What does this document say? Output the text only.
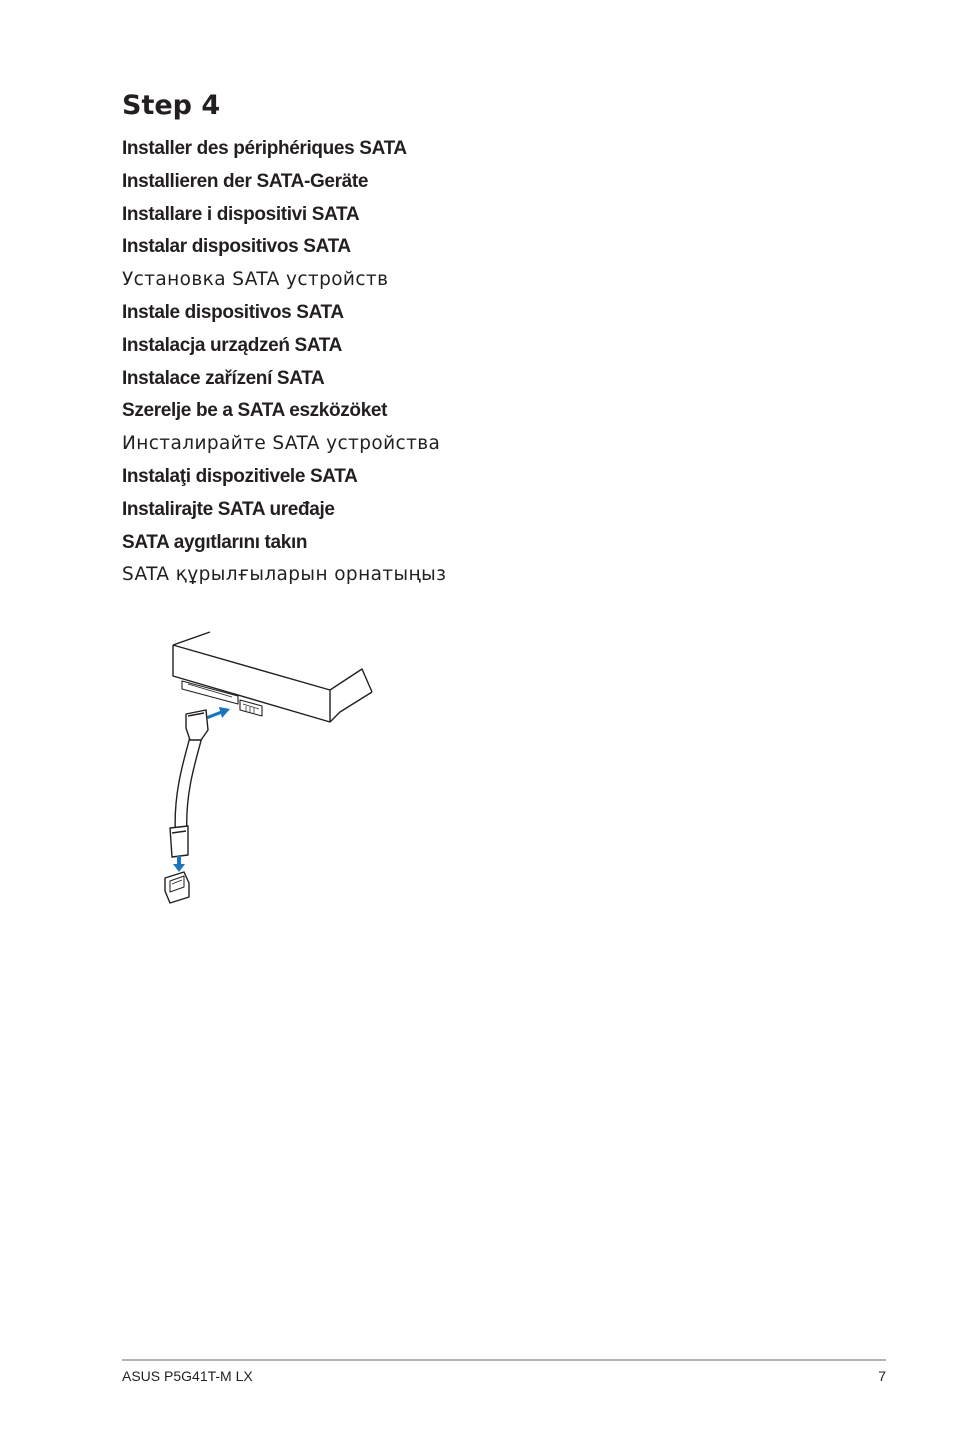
Step 4
Installer des périphériques SATA
Installieren der SATA-Geräte
Installare i dispositivi SATA
Instalar dispositivos SATA
Установка SATA устройств
Instale dispositivos SATA
Instalacja urządzeń SATA
Instalace zařízení SATA
Szerelje be a SATA eszközöket
Инсталирайте SATA устройства
Instalaţi dispozitivele SATA
Instalirajte SATA uređaje
SATA aygıtlarını takın
SATA құрылғыларын орнатыңыз
ASUS P5G41T-M LX	7
